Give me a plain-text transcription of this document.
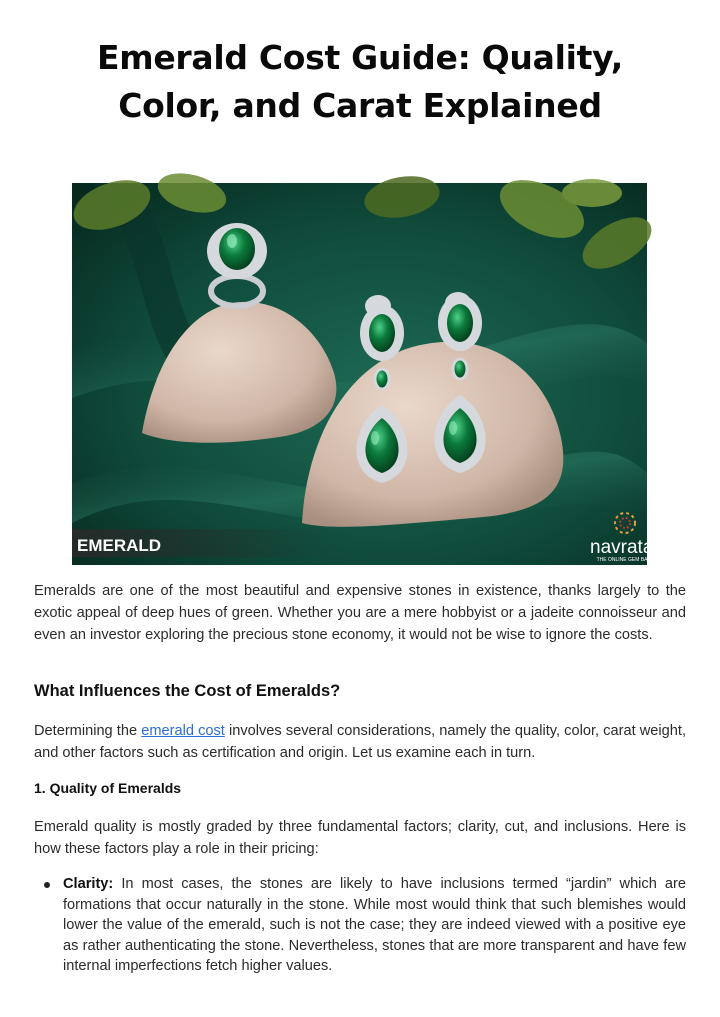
Emerald Cost Guide: Quality, Color, and Carat Explained
EMERALD	navratan
THE ONLINE GEM BAZAR

Emeralds are one of the most beautiful and expensive stones in existence, thanks largely to the exotic appeal of deep hues of green. Whether you are a mere hobbyist or a jadeite connoisseur and even an investor exploring the precious stone economy, it would not be wise to ignore the costs.

What Influences the Cost of Emeralds?

Determining the emerald cost involves several considerations, namely the quality, color, carat weight, and other factors such as certification and origin. Let us examine each in turn.

1. Quality of Emeralds

Emerald quality is mostly graded by three fundamental factors; clarity, cut, and inclusions. Here is how these factors play a role in their pricing:

Clarity: In most cases, the stones are likely to have inclusions termed “jardin” which are formations that occur naturally in the stone. While most would think that such blemishes would lower the value of the emerald, such is not the case; they are indeed viewed with a positive eye as rather authenticating the stone. Nevertheless, stones that are more transparent and have few internal imperfections fetch higher values.
